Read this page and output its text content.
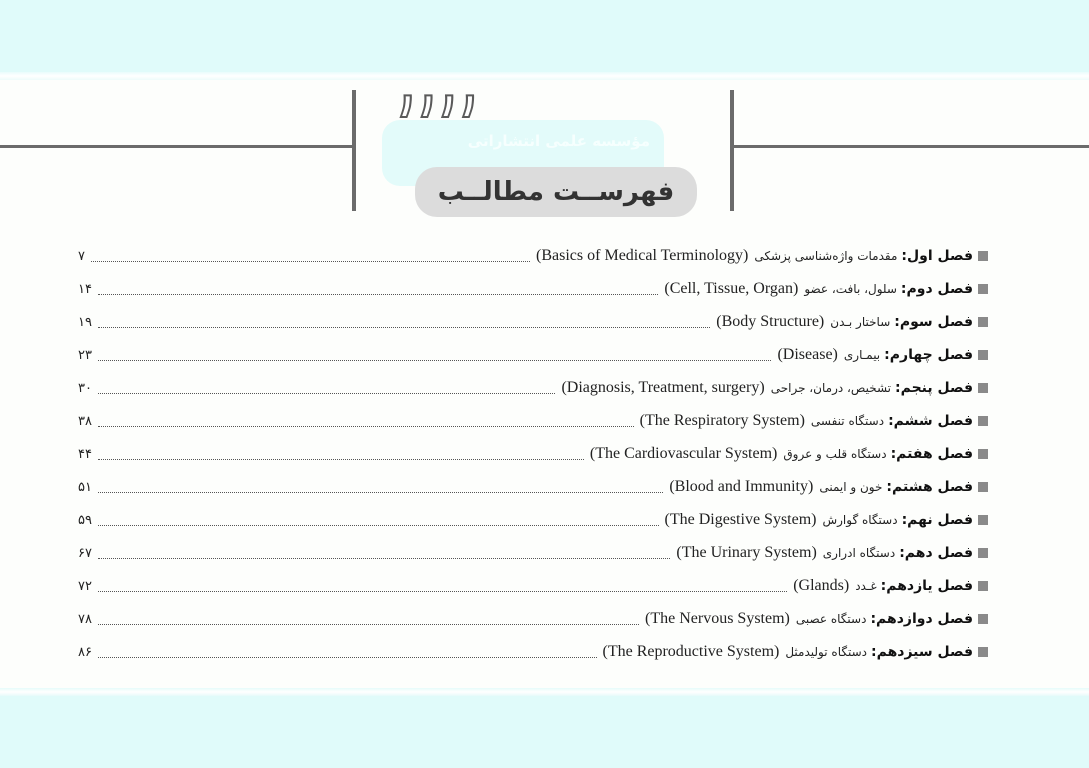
مؤسسه علمی انتشاراتی
۱۱۱۱
فهرســت مطالــب
فصل اول:
مقدمات واژه‌شناسی پزشکی
(Basics of Medical Terminology)
۷
فصل دوم:
سلول، بافت، عضو
(Cell, Tissue, Organ)
۱۴
فصل سوم:
ساختار بـدن
(Body Structure)
۱۹
فصل چهارم:
بیمـاری
(Disease)
۲۳
فصل پنجم:
تشخیص، درمان، جراحی
(Diagnosis, Treatment, surgery)
۳۰
فصل ششم:
دستگاه تنفسی
(The Respiratory System)
۳۸
فصل هفتم:
دستگاه قلب و عروق
(The Cardiovascular System)
۴۴
فصل هشتم:
خون و ایمنی
(Blood and Immunity)
۵۱
فصل نهم:
دستگاه گوارش
(The Digestive System)
۵۹
فصل دهم:
دستگاه ادراری
(The Urinary System)
۶۷
فصل یازدهم:
غـدد
(Glands)
۷۲
فصل دوازدهم:
دستگاه عصبی
(The Nervous System)
۷۸
فصل سیزدهم:
دستگاه تولیدمثل
(The Reproductive System)
۸۶
